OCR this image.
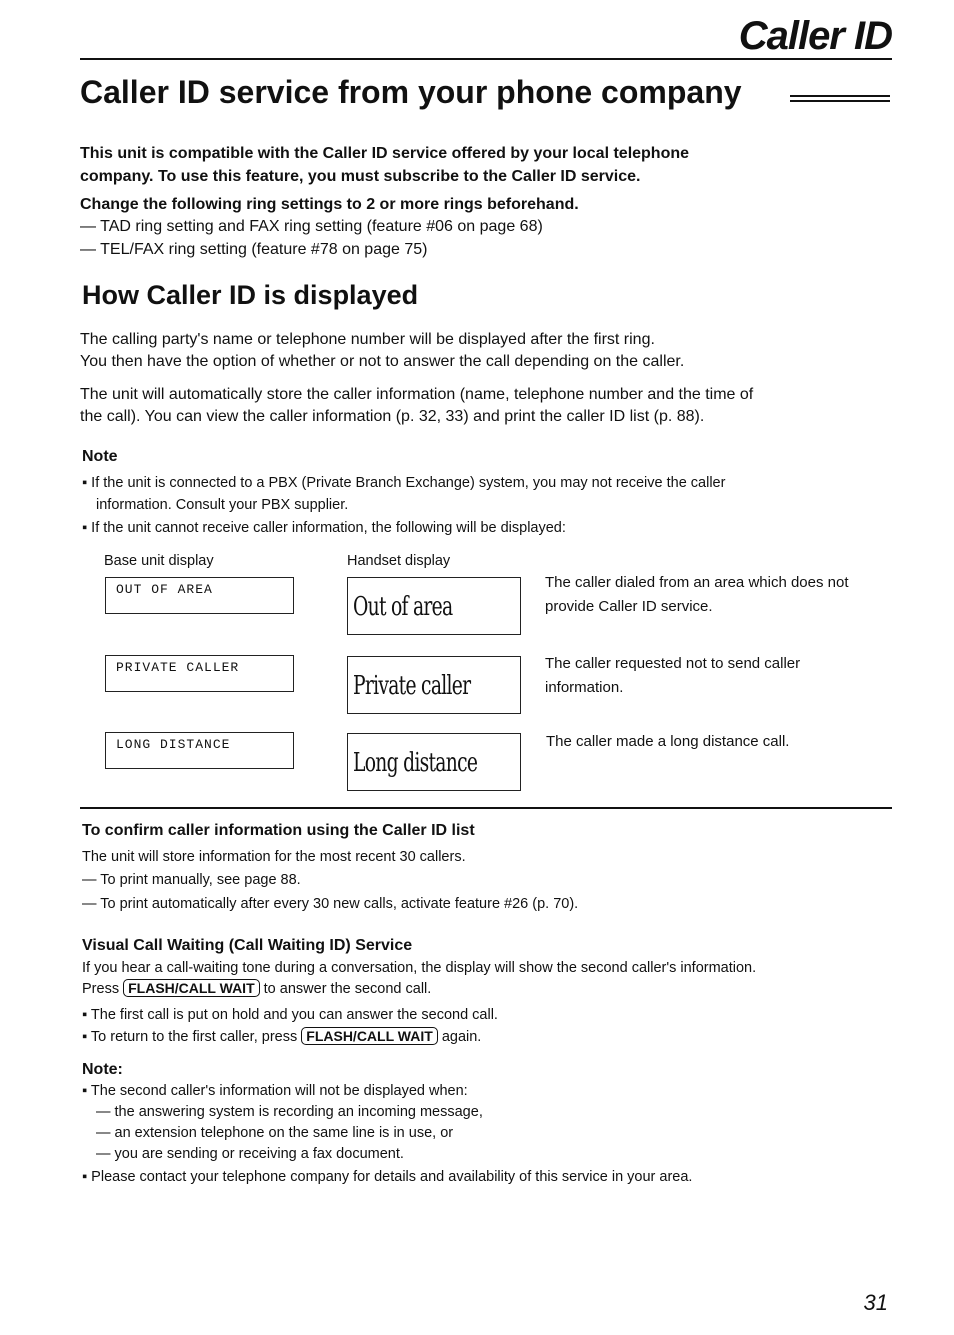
Caller ID
Caller ID service from your phone company
This unit is compatible with the Caller ID service offered by your local telephone
company. To use this feature, you must subscribe to the Caller ID service.
Change the following ring settings to 2 or more rings beforehand.
— TAD ring setting and FAX ring setting (feature #06 on page 68)
— TEL/FAX ring setting (feature #78 on page 75)
How Caller ID is displayed
The calling party's name or telephone number will be displayed after the first ring.
You then have the option of whether or not to answer the call depending on the caller.
The unit will automatically store the caller information (name, telephone number and the time of
the call). You can view the caller information (p. 32, 33) and print the caller ID list (p. 88).
Note
▪ If the unit is connected to a PBX (Private Branch Exchange) system, you may not receive the caller
information. Consult your PBX supplier.
▪ If the unit cannot receive caller information, the following will be displayed:
Base unit display	Handset display
OUT OF AREA
Out of area
The caller dialed from an area which does not
provide Caller ID service.
PRIVATE CALLER
Private caller
The caller requested not to send caller
information.
LONG DISTANCE
Long distance
The caller made a long distance call.
To confirm caller information using the Caller ID list
The unit will store information for the most recent 30 callers.
— To print manually, see page 88.
— To print automatically after every 30 new calls, activate feature #26 (p. 70).
Visual Call Waiting (Call Waiting ID) Service
If you hear a call-waiting tone during a conversation, the display will show the second caller's information.
Press FLASH/CALL WAIT to answer the second call.
▪ The first call is put on hold and you can answer the second call.
▪ To return to the first caller, press FLASH/CALL WAIT again.
Note:
▪ The second caller's information will not be displayed when:
— the answering system is recording an incoming message,
— an extension telephone on the same line is in use, or
— you are sending or receiving a fax document.
▪ Please contact your telephone company for details and availability of this service in your area.
31
